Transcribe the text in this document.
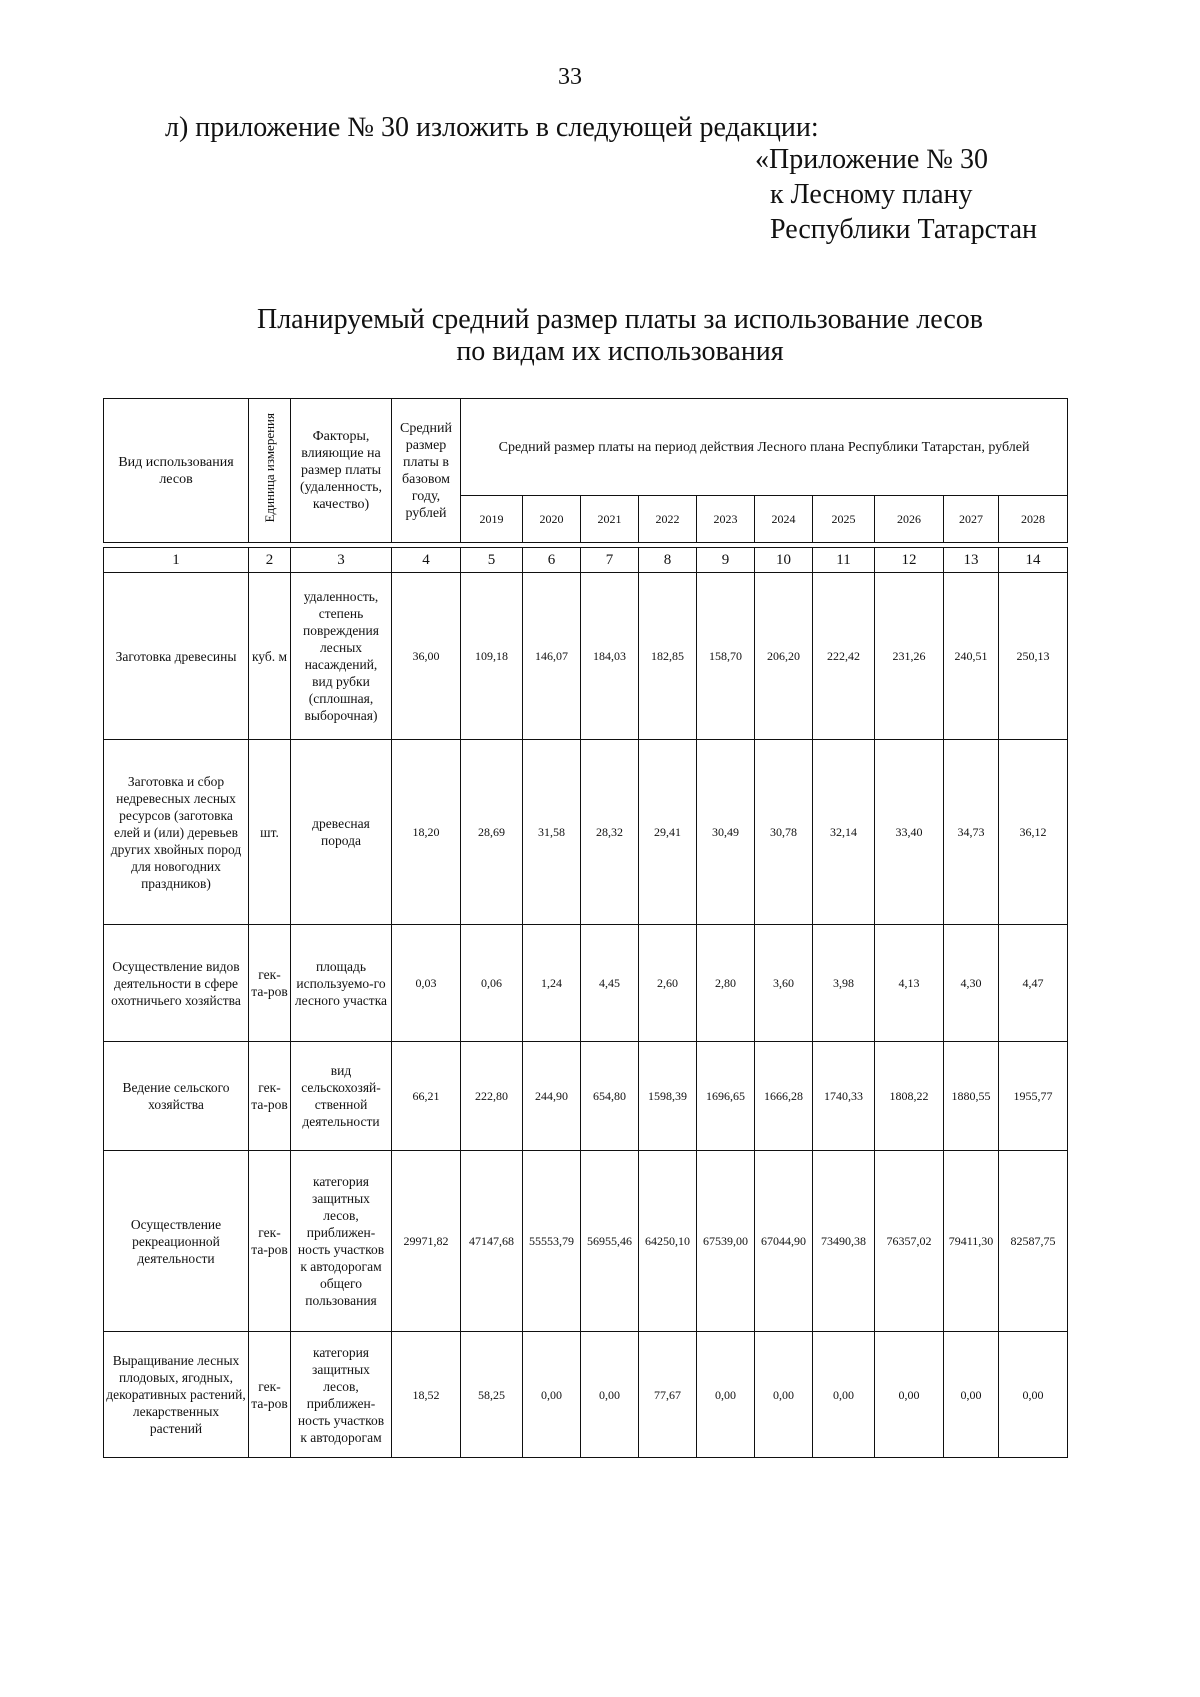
33
л) приложение № 30 изложить в следующей редакции:
«Приложение № 30
к Лесному плану
Республики Татарстан
Планируемый средний размер платы за использование лесов
по видам их использования
Вид использования лесов	Единица измерения	Факторы, влияющие на размер платы (удаленность, качество)	Средний размер платы в базовом году, рублей	Средний размер платы на период действия Лесного плана Республики Татарстан, рублей									
				2019	2020	2021	2022	2023	2024	2025	2026	2027	2028

1	2	3	4	5	6	7	8	9	10	11	12	13	14
Заготовка древесины	куб. м	удаленность, степень повреждения лесных насаждений, вид рубки (сплошная, выборочная)	36,00	109,18	146,07	184,03	182,85	158,70	206,20	222,42	231,26	240,51	250,13
Заготовка и сбор недревесных лесных ресурсов (заготовка елей и (или) деревьев других хвойных пород для новогодних праздников)	шт.	древесная порода	18,20	28,69	31,58	28,32	29,41	30,49	30,78	32,14	33,40	34,73	36,12
Осуществление видов деятельности в сфере охотничьего хозяйства	гек-та-ров	площадь используемо-го лесного участка	0,03	0,06	1,24	4,45	2,60	2,80	3,60	3,98	4,13	4,30	4,47
Ведение сельского хозяйства	гек-та-ров	вид сельскохозяй-ственной деятельности	66,21	222,80	244,90	654,80	1598,39	1696,65	1666,28	1740,33	1808,22	1880,55	1955,77
Осуществление рекреационной деятельности	гек-та-ров	категория защитных лесов, приближен-ность участков к автодорогам общего пользования	29971,82	47147,68	55553,79	56955,46	64250,10	67539,00	67044,90	73490,38	76357,02	79411,30	82587,75
Выращивание лесных плодовых, ягодных, декоративных растений, лекарственных растений	гек-та-ров	категория защитных лесов, приближен-ность участков к автодорогам	18,52	58,25	0,00	0,00	77,67	0,00	0,00	0,00	0,00	0,00	0,00
